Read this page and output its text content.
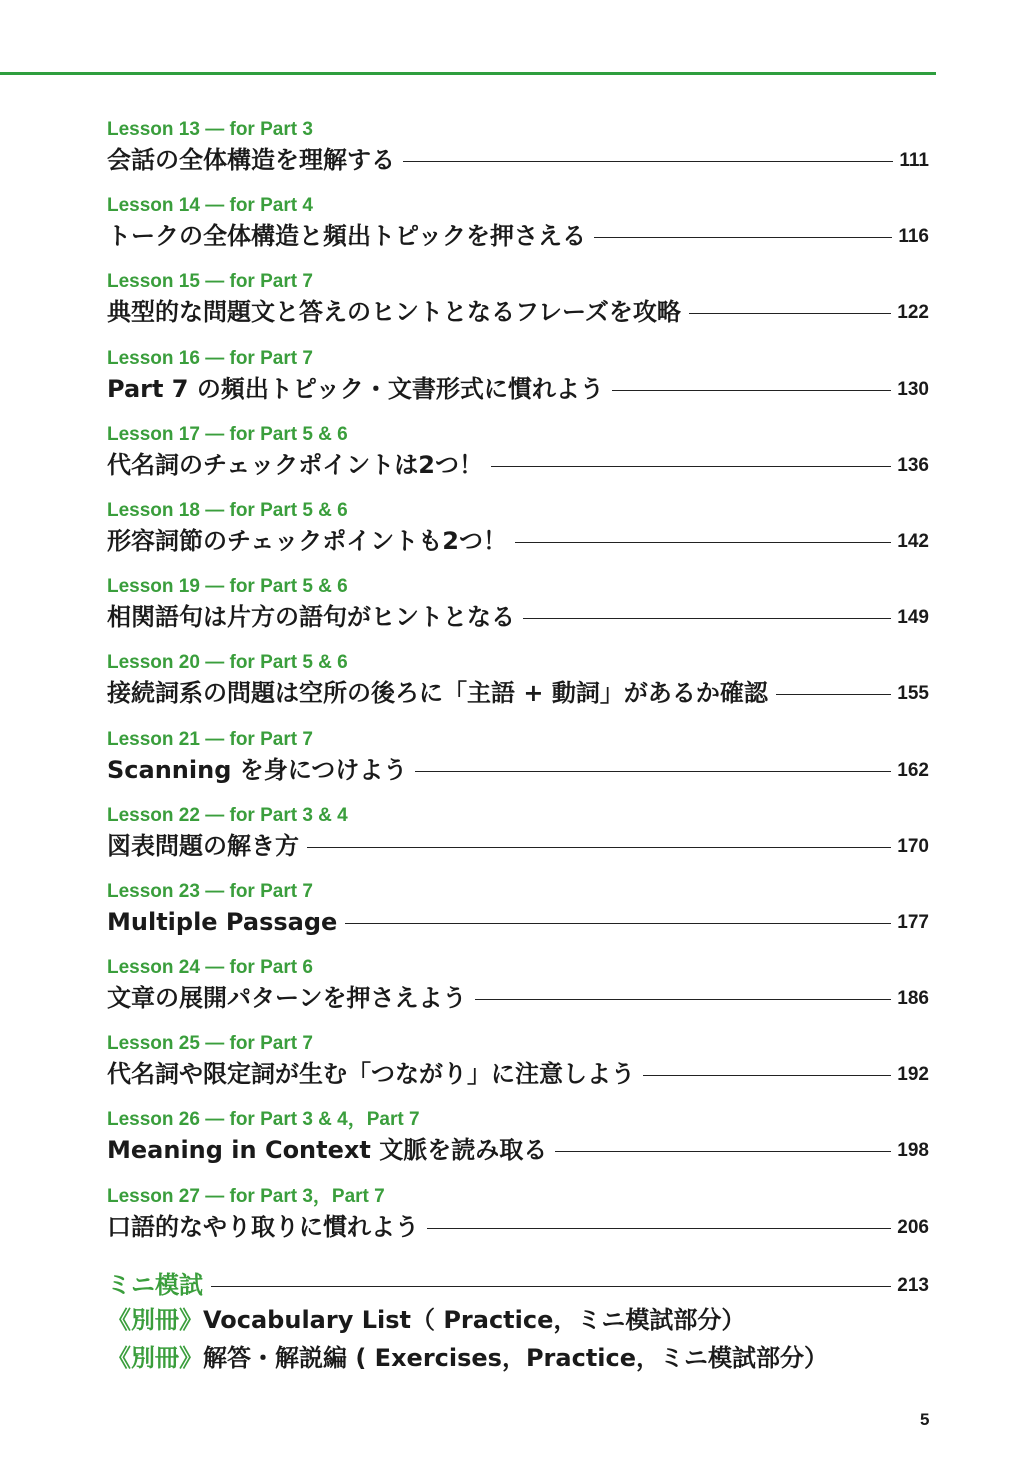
Lesson 13 ― for Part 3
会話の全体構造を理解する	111
Lesson 14 ― for Part 4
トークの全体構造と頻出トピックを押さえる	116
Lesson 15 ― for Part 7
典型的な問題文と答えのヒントとなるフレーズを攻略	122
Lesson 16 ― for Part 7
Part 7 の頻出トピック・文書形式に慣れよう	130
Lesson 17 ― for Part 5 & 6
代名詞のチェックポイントは2つ！	136
Lesson 18 ― for Part 5 & 6
形容詞節のチェックポイントも2つ！	142
Lesson 19 ― for Part 5 & 6
相関語句は片方の語句がヒントとなる	149
Lesson 20 ― for Part 5 & 6
接続詞系の問題は空所の後ろに「主語 + 動詞」があるか確認	155
Lesson 21 ― for Part 7
Scanning を身につけよう	162
Lesson 22 ― for Part 3 & 4
図表問題の解き方	170
Lesson 23 ― for Part 7
Multiple Passage	177
Lesson 24 ― for Part 6
文章の展開パターンを押さえよう	186
Lesson 25 ― for Part 7
代名詞や限定詞が生む「つながり」に注意しよう	192
Lesson 26 ― for Part 3 & 4，Part 7
Meaning in Context 文脈を読み取る	198
Lesson 27 ― for Part 3，Part 7
口語的なやり取りに慣れよう	206
ミニ模試	213
《別冊》Vocabulary List（ Practice，ミニ模試部分）
《別冊》解答・解説編 ( Exercises，Practice，ミニ模試部分）
5
